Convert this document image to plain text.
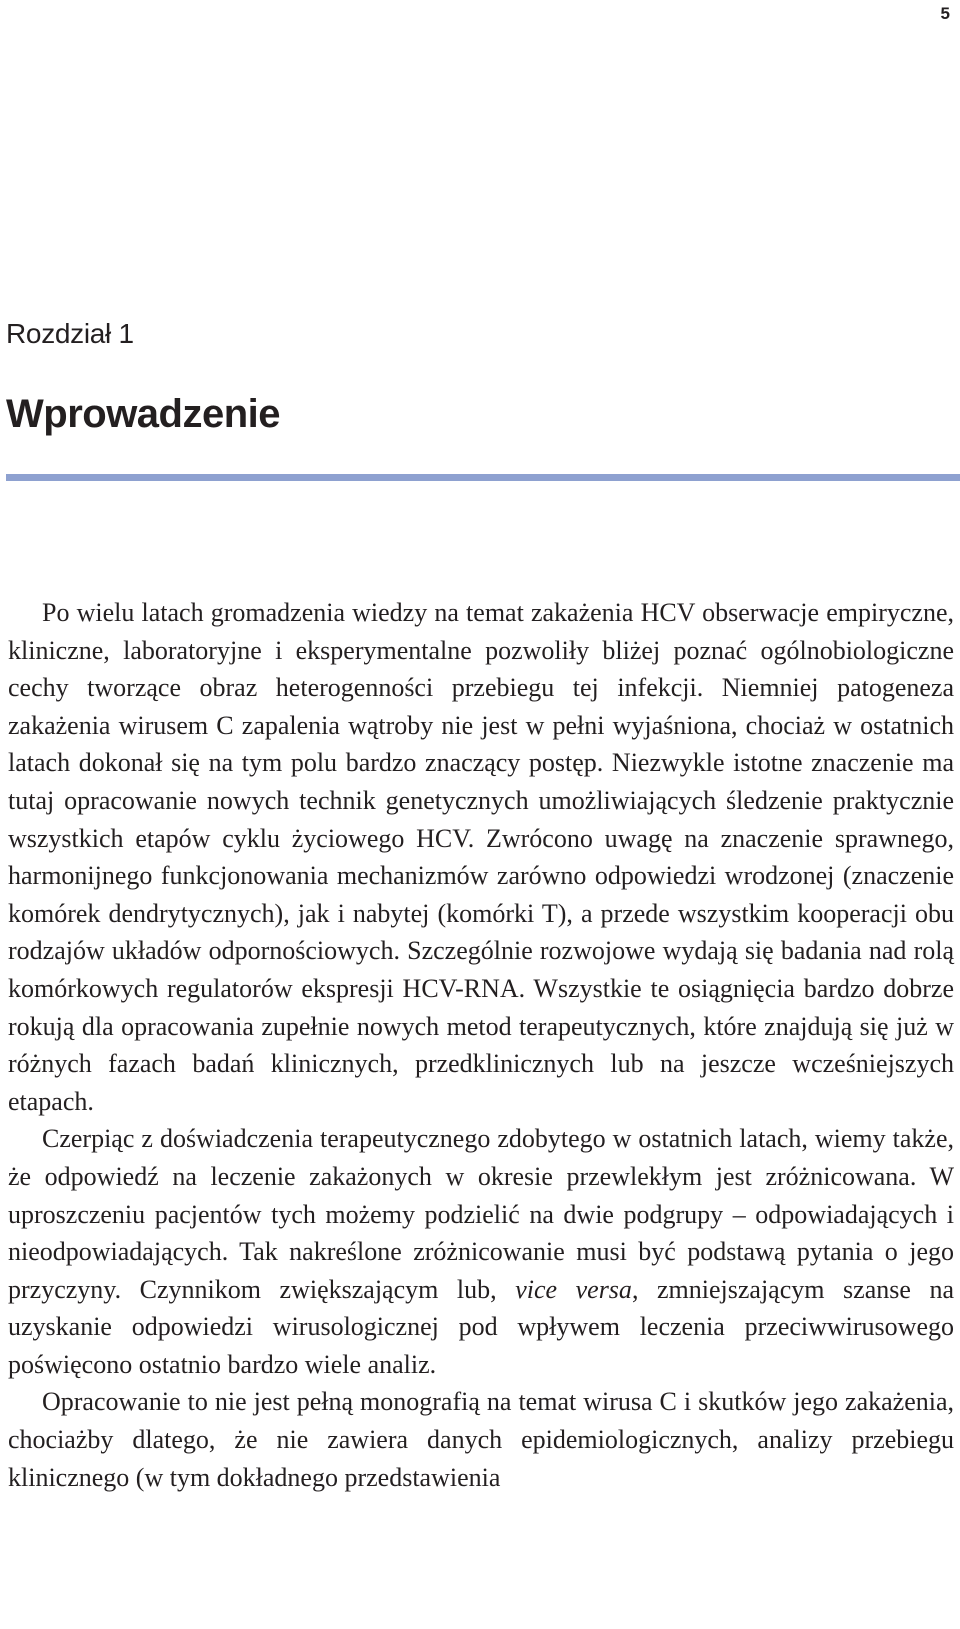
5
Rozdział 1
Wprowadzenie

Po wielu latach gromadzenia wiedzy na temat zakażenia HCV obserwacje empiryczne, kliniczne, laboratoryjne i eksperymentalne pozwoliły bliżej poznać ogólnobiologiczne cechy tworzące obraz heterogenności przebiegu tej infekcji. Niemniej patogeneza zakażenia wirusem C zapalenia wątroby nie jest w pełni wyjaśniona, chociaż w ostatnich latach dokonał się na tym polu bardzo znaczący postęp. Niezwykle istotne znaczenie ma tutaj opracowanie nowych technik genetycznych umożliwiających śledzenie praktycznie wszystkich etapów cyklu życiowego HCV. Zwrócono uwagę na znaczenie sprawnego, harmonijnego funkcjonowania mechanizmów zarówno odpowiedzi wrodzonej (znaczenie komórek dendrytycznych), jak i nabytej (komórki T), a przede wszystkim kooperacji obu rodzajów układów odpornościowych. Szczególnie rozwojowe wydają się badania nad rolą komórkowych regulatorów ekspresji HCV-RNA. Wszystkie te osiągnięcia bardzo dobrze rokują dla opracowania zupełnie nowych metod terapeutycznych, które znajdują się już w różnych fazach badań klinicznych, przedklinicznych lub na jeszcze wcześniejszych etapach.

Czerpiąc z doświadczenia terapeutycznego zdobytego w ostatnich latach, wiemy także, że odpowiedź na leczenie zakażonych w okresie przewlekłym jest zróżnicowana. W uproszczeniu pacjentów tych możemy podzielić na dwie podgrupy – odpowiadających i nieodpowiadających. Tak nakreślone zróżnicowanie musi być podstawą pytania o jego przyczyny. Czynnikom zwiększającym lub, vice versa, zmniejszającym szanse na uzyskanie odpowiedzi wirusologicznej pod wpływem leczenia przeciwwirusowego poświęcono ostatnio bardzo wiele analiz.

Opracowanie to nie jest pełną monografią na temat wirusa C i skutków jego zakażenia, chociażby dlatego, że nie zawiera danych epidemiologicznych, analizy przebiegu klinicznego (w tym dokładnego przedstawienia
